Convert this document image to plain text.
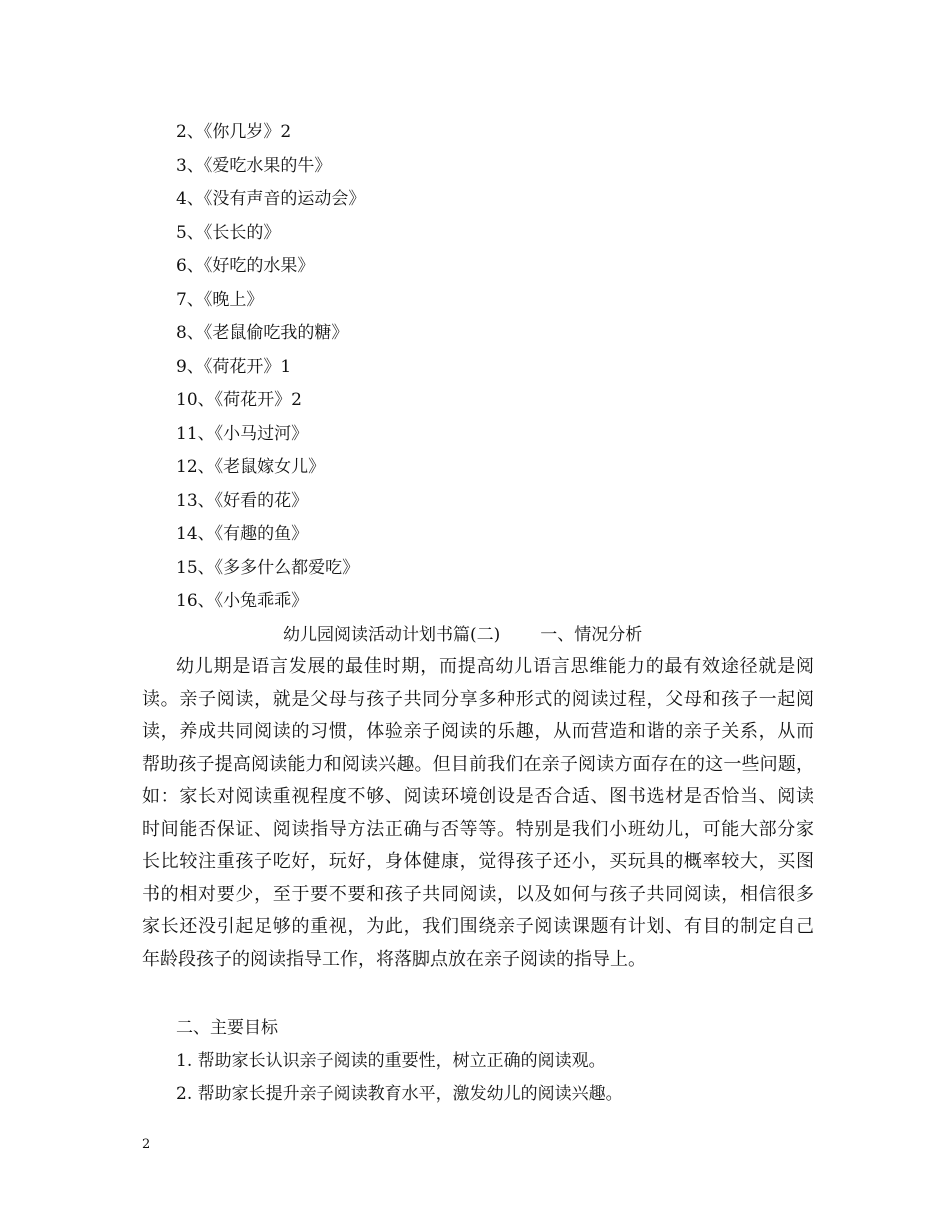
2、《你几岁》2
3、《爱吃水果的牛》
4、《没有声音的运动会》
5、《长长的》
6、《好吃的水果》
7、《晚上》
8、《老鼠偷吃我的糖》
9、《荷花开》1
10、《荷花开》2
11、《小马过河》
12、《老鼠嫁女儿》
13、《好看的花》
14、《有趣的鱼》
15、《多多什么都爱吃》
16、《小兔乖乖》
幼儿园阅读活动计划书篇(二) 一、情况分析

幼儿期是语言发展的最佳时期，而提高幼儿语言思维能力的最有效途径就是阅
读。亲子阅读，就是父母与孩子共同分享多种形式的阅读过程，父母和孩子一起阅
读，养成共同阅读的习惯，体验亲子阅读的乐趣，从而营造和谐的亲子关系，从而
帮助孩子提高阅读能力和阅读兴趣。但目前我们在亲子阅读方面存在的这一些问题，
如：家长对阅读重视程度不够、阅读环境创设是否合适、图书选材是否恰当、阅读
时间能否保证、阅读指导方法正确与否等等。特别是我们小班幼儿，可能大部分家
长比较注重孩子吃好，玩好，身体健康，觉得孩子还小，买玩具的概率较大，买图
书的相对要少，至于要不要和孩子共同阅读，以及如何与孩子共同阅读，相信很多
家长还没引起足够的重视，为此，我们围绕亲子阅读课题有计划、有目的制定自己
年龄段孩子的阅读指导工作，将落脚点放在亲子阅读的指导上。

二、主要目标
1. 帮助家长认识亲子阅读的重要性，树立正确的阅读观。
2. 帮助家长提升亲子阅读教育水平，激发幼儿的阅读兴趣。
2
